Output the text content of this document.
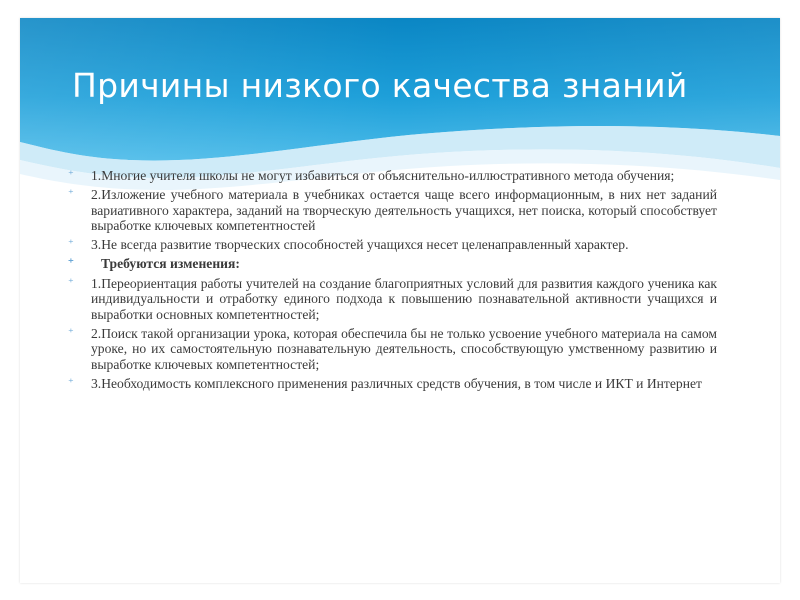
Причины низкого качества знаний
⁺ 1.Многие учителя школы не могут избавиться от объяснительно-иллюстративного метода обучения;
⁺ 2.Изложение учебного материала в учебниках остается чаще всего информационным, в них нет заданий вариативного характера, заданий на творческую деятельность учащихся, нет поиска, который способствует выработке ключевых компетентностей
⁺ 3.Не всегда развитие творческих способностей учащихся несет целенаправленный характер.
⁺ Требуются изменения:
⁺ 1.Переориентация работы учителей на создание благоприятных условий для развития каждого ученика как индивидуальности и отработку единого подхода к повышению познавательной активности учащихся и выработки основных компетентностей;
⁺ 2.Поиск такой организации урока, которая обеспечила бы не только усвоение учебного материала на самом уроке, но их самостоятельную познавательную деятельность, способствующую умственному развитию и выработке ключевых компетентностей;
⁺ 3.Необходимость комплексного применения различных средств обучения, в том числе и ИКТ и Интернет
